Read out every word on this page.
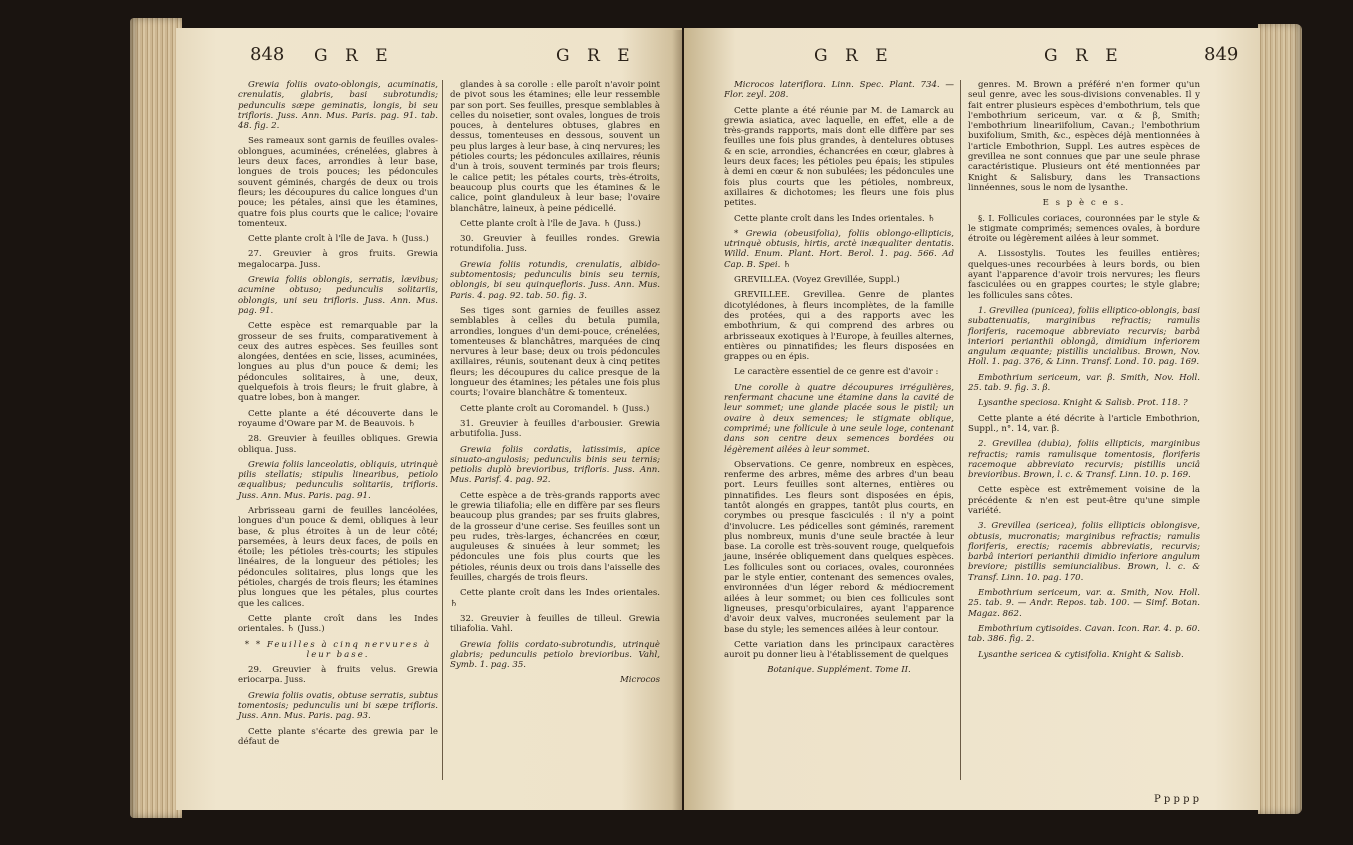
848 G R E	G R E

Grewia foliis ovato-oblongis, acuminatis, crenulatis, glabris, basi subrotundis; pedunculis sæpe geminatis, longis, bi seu trifloris. Juss. Ann. Mus. Paris. pag. 91. tab. 48. fig. 2.

Ses rameaux sont garnis de feuilles ovales-oblongues, acuminées, crénelées, glabres à leurs deux faces, arrondies à leur base, longues de trois pouces; les pédoncules souvent géminés, chargés de deux ou trois fleurs; les découpures du calice longues d'un pouce; les pétales, ainsi que les étamines, quatre fois plus courts que le calice; l'ovaire tomenteux.

Cette plante croît à l'île de Java. ♄ (Juss.)

27. Greuvier à gros fruits. Grewia megalocarpa. Juss.

Grewia foliis oblongis, serratis, lævibus; acumine obtuso; pedunculis solitariis, oblongis, uni seu trifloris. Juss. Ann. Mus. pag. 91.

Cette espèce est remarquable par la grosseur de ses fruits, comparativement à ceux des autres espèces. Ses feuilles sont alongées, dentées en scie, lisses, acuminées, longues au plus d'un pouce & demi; les pédoncules solitaires, à une, deux, quelquefois à trois fleurs; le fruit glabre, à quatre lobes, bon à manger.

Cette plante a été découverte dans le royaume d'Oware par M. de Beauvois. ♄

28. Greuvier à feuilles obliques. Grewia obliqua. Juss.

Grewia foliis lanceolatis, obliquis, utrinquè pilis stellatis; stipulis linearibus, petiolo æqualibus; pedunculis solitariis, trifloris. Juss. Ann. Mus. Paris. pag. 91.

Arbrisseau garni de feuilles lancéolées, longues d'un pouce & demi, obliques à leur base, & plus étroites à un de leur côté; parsemées, à leurs deux faces, de poils en étoile; les pétioles très-courts; les stipules linéaires, de la longueur des pétioles; les pédoncules solitaires, plus longs que les pétioles, chargés de trois fleurs; les étamines plus longues que les pétales, plus courtes que les calices.

Cette plante croît dans les Indes orientales. ♄ (Juss.)

* * Feuilles à cinq nervures à leur base.

29. Greuvier à fruits velus. Grewia eriocarpa. Juss.

Grewia foliis ovatis, obtuse serratis, subtus tomentosis; pedunculis uni bi sæpe trifloris. Juss. Ann. Mus. Paris. pag. 93.

Cette plante s'écarte des grewia par le défaut de

glandes à sa corolle : elle paroît n'avoir point de pivot sous les étamines; elle leur ressemble par son port. Ses feuilles, presque semblables à celles du noisetier, sont ovales, longues de trois pouces, à dentelures obtuses, glabres en dessus, tomenteuses en dessous, souvent un peu plus larges à leur base, à cinq nervures; les pétioles courts; les pédoncules axillaires, réunis d'un à trois, souvent terminés par trois fleurs; le calice petit; les pétales courts, très-étroits, beaucoup plus courts que les étamines & le calice, point glanduleux à leur base; l'ovaire blanchâtre, laineux, à peine pédicellé.

Cette plante croît à l'île de Java. ♄ (Juss.)

30. Greuvier à feuilles rondes. Grewia rotundifolia. Juss.

Grewia foliis rotundis, crenulatis, albido-subtomentosis; pedunculis binis seu ternis, oblongis, bi seu quinquefloris. Juss. Ann. Mus. Paris. 4. pag. 92. tab. 50. fig. 3.

Ses tiges sont garnies de feuilles assez semblables à celles du betula pumila, arrondies, longues d'un demi-pouce, crénelées, tomenteuses & blanchâtres, marquées de cinq nervures à leur base; deux ou trois pédoncules axillaires, réunis, soutenant deux à cinq petites fleurs; les découpures du calice presque de la longueur des étamines; les pétales une fois plus courts; l'ovaire blanchâtre & tomenteux.

Cette plante croît au Coromandel. ♄ (Juss.)

31. Greuvier à feuilles d'arbousier. Grewia arbutifolia. Juss.

Grewia foliis cordatis, latissimis, apice sinuato-angulosis; pedunculis binis seu ternis; petiolis duplò brevioribus, trifloris. Juss. Ann. Mus. Parisf. 4. pag. 92.

Cette espèce a de très-grands rapports avec le grewia tiliafolia; elle en diffère par ses fleurs beaucoup plus grandes; par ses fruits glabres, de la grosseur d'une cerise. Ses feuilles sont un peu rudes, très-larges, échancrées en cœur, auguleuses & sinuées à leur sommet; les pédoncules une fois plus courts que les pétioles, réunis deux ou trois dans l'aisselle des feuilles, chargés de trois fleurs.

Cette plante croît dans les Indes orientales. ♄

32. Greuvier à feuilles de tilleul. Grewia tiliafolia. Vahl.

Grewia foliis cordato-subrotundis, utrinquè glabris; pedunculis petiolo brevioribus. Vahl, Symb. 1. pag. 35.

Microcos

G R E	G R E	849

Microcos lateriflora. Linn. Spec. Plant. 734. — Flor. zeyl. 208.

Cette plante a été réunie par M. de Lamarck au grewia asiatica, avec laquelle, en effet, elle a de très-grands rapports, mais dont elle diffère par ses feuilles une fois plus grandes, à dentelures obtuses & en scie, arrondies, échancrées en cœur, glabres à leurs deux faces; les pétioles peu épais; les stipules à demi en cœur & non subulées; les pédoncules une fois plus courts que les pétioles, nombreux, axillaires & dichotomes; les fleurs une fois plus petites.

Cette plante croît dans les Indes orientales. ♄

* Grewia (obeusifolia), foliis oblongo-ellipticis, utrinquè obtusis, hirtis, arctè inæqualiter dentatis. Willd. Enum. Plant. Hort. Berol. 1. pag. 566. Ad Cap. B. Spei. ♄

GREVILLEA. (Voyez Grevillée, Suppl.)

GREVILLEE. Grevillea. Genre de plantes dicotylédones, à fleurs incomplètes, de la famille des protées, qui a des rapports avec les embothrium, & qui comprend des arbres ou arbrisseaux exotiques à l'Europe, à feuilles alternes, entières ou pinnatifides; les fleurs disposées en grappes ou en épis.

Le caractère essentiel de ce genre est d'avoir :

Une corolle à quatre découpures irrégulières, renfermant chacune une étamine dans la cavité de leur sommet; une glande placée sous le pistil; un ovaire à deux semences; le stigmate oblique, comprimé; une follicule à une seule loge, contenant dans son centre deux semences bordées ou légèrement ailées à leur sommet.

Observations. Ce genre, nombreux en espèces, renferme des arbres, même des arbres d'un beau port. Leurs feuilles sont alternes, entières ou pinnatifides. Les fleurs sont disposées en épis, tantôt alongés en grappes, tantôt plus courts, en corymbes ou presque fasciculés : il n'y a point d'involucre. Les pédicelles sont géminés, rarement plus nombreux, munis d'une seule bractée à leur base. La corolle est très-souvent rouge, quelquefois jaune, insérée obliquement dans quelques espèces. Les follicules sont ou coriaces, ovales, couronnées par le style entier, contenant des semences ovales, environnées d'un léger rebord & médiocrement ailées à leur sommet; ou bien ces follicules sont ligneuses, presqu'orbiculaires, ayant l'apparence d'avoir deux valves, mucronées seulement par la base du style; les semences ailées à leur contour.

Cette variation dans les principaux caractères auroit pu donner lieu à l'établissement de quelques

Botanique. Supplément. Tome II.

genres. M. Brown a préféré n'en former qu'un seul genre, avec les sous-divisions convenables. Il y fait entrer plusieurs espèces d'embothrium, tels que l'embothrium sericeum, var. α & β, Smith; l'embothrium lineariifolium, Cavan.; l'embothrium buxifolium, Smith, &c., espèces déjà mentionnées à l'article Embothrion, Suppl. Les autres espèces de grevillea ne sont connues que par une seule phrase caractéristique. Plusieurs ont été mentionnées par Knight & Salisbury, dans les Transactions linnéennes, sous le nom de lysanthe.

E s p è c e s.

§. I. Follicules coriaces, couronnées par le style & le stigmate comprimés; semences ovales, à bordure étroite ou légèrement ailées à leur sommet.

A. Lissostylis. Toutes les feuilles entières; quelques-unes recourbées à leurs bords, ou bien ayant l'apparence d'avoir trois nervures; les fleurs fasciculées ou en grappes courtes; le style glabre; les follicules sans côtes.

1. Grevillea (punicea), foliis elliptico-oblongis, basi subattenuatis, marginibus refractis; ramulis floriferis, racemoque abbreviato recurvis; barbâ interiori perianthii oblongâ, dimidium inferiorem angulum æquante; pistillis uncialibus. Brown, Nov. Holl. 1. pag. 376, & Linn. Transf. Lond. 10. pag. 169.

Embothrium sericeum, var. β. Smith, Nov. Holl. 25. tab. 9. fig. 3. β.

Lysanthe speciosa. Knight & Salisb. Prot. 118. ?

Cette plante a été décrite à l'article Embothrion, Suppl., n°. 14, var. β.

2. Grevillea (dubia), foliis ellipticis, marginibus refractis; ramis ramulisque tomentosis, floriferis racemoque abbreviato recurvis; pistillis unciâ brevioribus. Brown, l. c. & Transf. Linn. 10. p. 169.

Cette espèce est extrêmement voisine de la précédente & n'en est peut-être qu'une simple variété.

3. Grevillea (sericea), foliis ellipticis oblongisve, obtusis, mucronatis; marginibus refractis; ramulis floriferis, erectis; racemis abbreviatis, recurvis; barbâ interiori perianthii dimidio inferiore angulum breviore; pistillis semiuncialibus. Brown, l. c. & Transf. Linn. 10. pag. 170.

Embothrium sericeum, var. α. Smith, Nov. Holl. 25. tab. 9. — Andr. Repos. tab. 100. — Simf. Botan. Magaz. 862.

Embothrium cytisoides. Cavan. Icon. Rar. 4. p. 60. tab. 386. fig. 2.

Lysanthe sericea & cytisifolia. Knight & Salisb.

P p p p p
